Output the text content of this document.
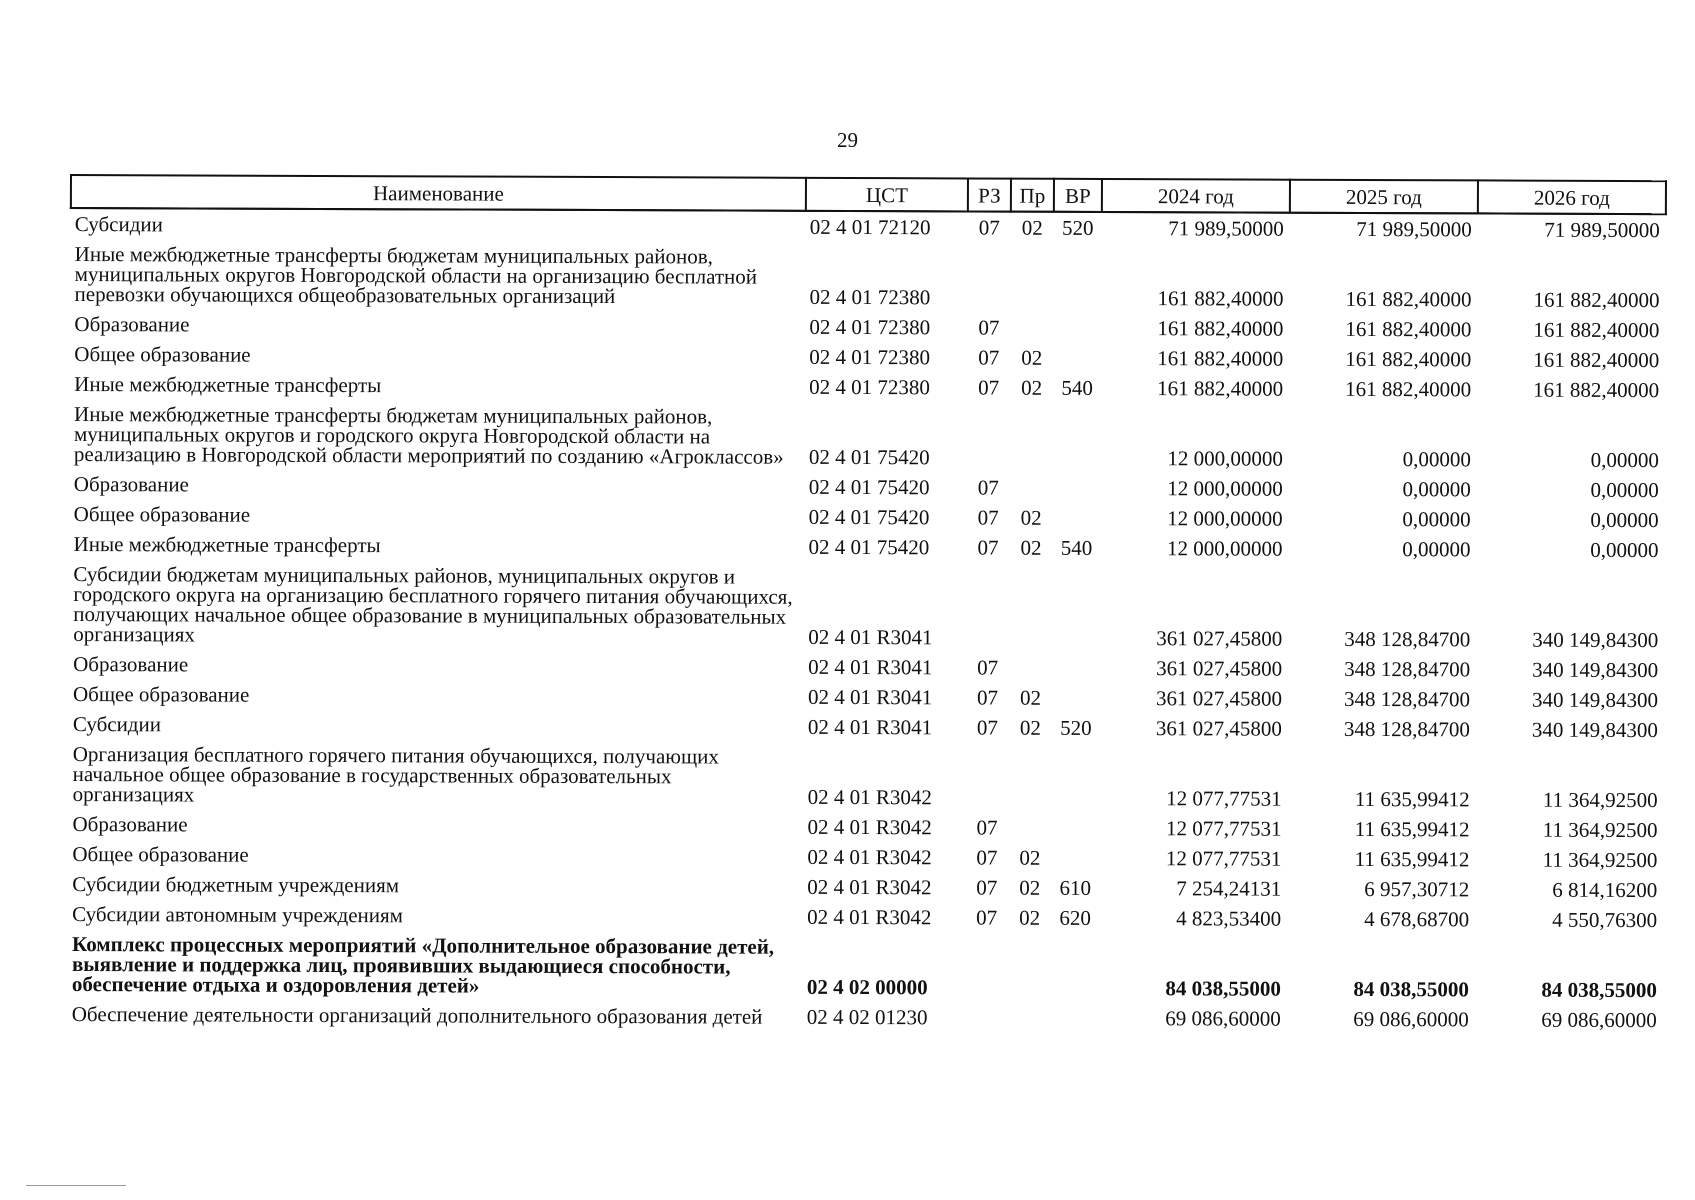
29
Наименование	ЦСТ	РЗ	Пр	ВР	2024 год	2025 год	2026 год
Субсидии	02 4 01 72120	07	02	520	71 989,50000	71 989,50000	71 989,50000
Иные межбюджетные трансферты бюджетам муниципальных районов, муниципальных округов Новгородской области на организацию бесплатной перевозки обучающихся общеобразовательных организаций	02 4 01 72380				161 882,40000	161 882,40000	161 882,40000
Образование	02 4 01 72380	07			161 882,40000	161 882,40000	161 882,40000
Общее образование	02 4 01 72380	07	02		161 882,40000	161 882,40000	161 882,40000
Иные межбюджетные трансферты	02 4 01 72380	07	02	540	161 882,40000	161 882,40000	161 882,40000
Иные межбюджетные трансферты бюджетам муниципальных районов, муниципальных округов и городского округа Новгородской области на реализацию в Новгородской области мероприятий по созданию «Агроклассов»	02 4 01 75420				12 000,00000	0,00000	0,00000
Образование	02 4 01 75420	07			12 000,00000	0,00000	0,00000
Общее образование	02 4 01 75420	07	02		12 000,00000	0,00000	0,00000
Иные межбюджетные трансферты	02 4 01 75420	07	02	540	12 000,00000	0,00000	0,00000
Субсидии бюджетам муниципальных районов, муниципальных округов и городского округа на организацию бесплатного горячего питания обучающихся, получающих начальное общее образование в муниципальных образовательных организациях	02 4 01 R3041				361 027,45800	348 128,84700	340 149,84300
Образование	02 4 01 R3041	07			361 027,45800	348 128,84700	340 149,84300
Общее образование	02 4 01 R3041	07	02		361 027,45800	348 128,84700	340 149,84300
Субсидии	02 4 01 R3041	07	02	520	361 027,45800	348 128,84700	340 149,84300
Организация бесплатного горячего питания обучающихся, получающих начальное общее образование в государственных образовательных организациях	02 4 01 R3042				12 077,77531	11 635,99412	11 364,92500
Образование	02 4 01 R3042	07			12 077,77531	11 635,99412	11 364,92500
Общее образование	02 4 01 R3042	07	02		12 077,77531	11 635,99412	11 364,92500
Субсидии бюджетным учреждениям	02 4 01 R3042	07	02	610	7 254,24131	6 957,30712	6 814,16200
Субсидии автономным учреждениям	02 4 01 R3042	07	02	620	4 823,53400	4 678,68700	4 550,76300
Комплекс процессных мероприятий «Дополнительное образование детей, выявление и поддержка лиц, проявивших выдающиеся способности, обеспечение отдыха и оздоровления детей»	02 4 02 00000				84 038,55000	84 038,55000	84 038,55000
Обеспечение деятельности организаций дополнительного образования детей	02 4 02 01230				69 086,60000	69 086,60000	69 086,60000
